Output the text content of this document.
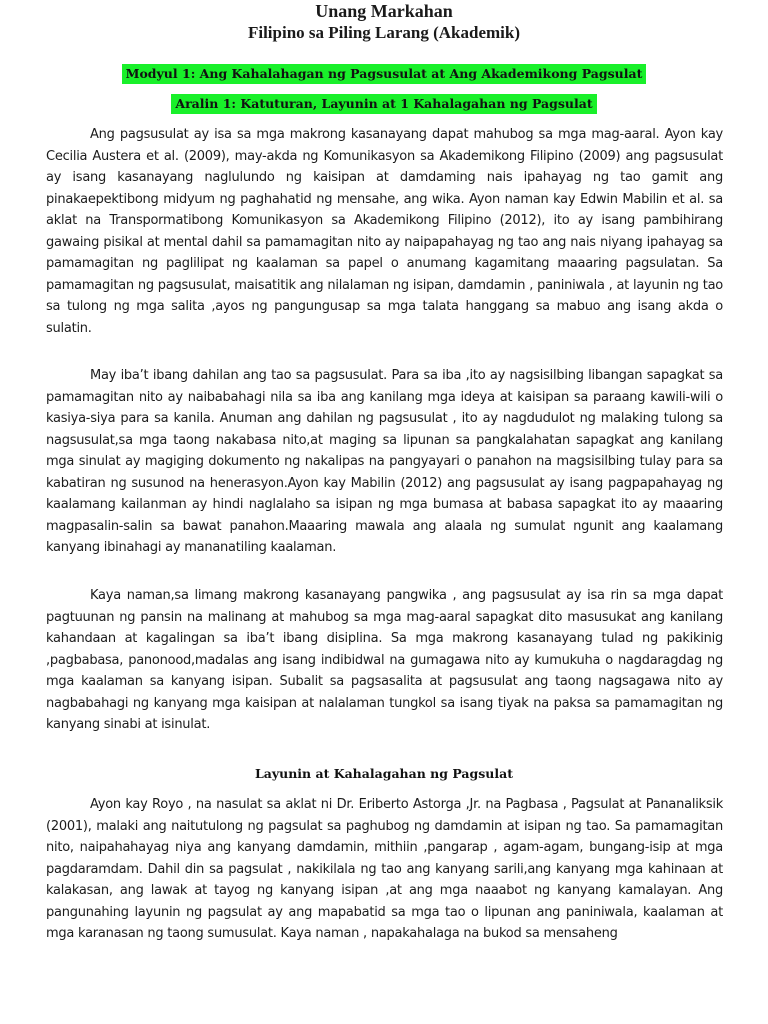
Unang Markahan
Filipino sa Piling Larang (Akademik)
Modyul 1: Ang Kahalahagan ng Pagsusulat at Ang Akademikong Pagsulat
Aralin 1: Katuturan, Layunin at 1 Kahalagahan ng Pagsulat

Ang pagsusulat ay isa sa mga makrong kasanayang dapat mahubog sa mga mag-aaral. Ayon kay Cecilia Austera et al. (2009), may-akda ng Komunikasyon sa Akademikong Filipino (2009) ang pagsusulat ay isang kasanayang naglulundo ng kaisipan at damdaming nais ipahayag ng tao gamit ang pinakaepektibong midyum ng paghahatid ng mensahe, ang wika. Ayon naman kay Edwin Mabilin et al. sa aklat na Transpormatibong Komunikasyon sa Akademikong Filipino (2012), ito ay isang pambihirang gawaing pisikal at mental dahil sa pamamagitan nito ay naipapahayag ng tao ang nais niyang ipahayag sa pamamagitan ng paglilipat ng kaalaman sa papel o anumang kagamitang maaaring pagsulatan. Sa pamamagitan ng pagsusulat, maisatitik ang nilalaman ng isipan, damdamin , paniniwala , at layunin ng tao sa tulong ng mga salita ,ayos ng pangungusap sa mga talata hanggang sa mabuo ang isang akda o sulatin.

May iba’t ibang dahilan ang tao sa pagsusulat. Para sa iba ,ito ay nagsisilbing libangan sapagkat sa pamamagitan nito ay naibabahagi nila sa iba ang kanilang mga ideya at kaisipan sa paraang kawili-wili o kasiya-siya para sa kanila. Anuman ang dahilan ng pagsusulat , ito ay nagdudulot ng malaking tulong sa nagsusulat,sa mga taong nakabasa nito,at maging sa lipunan sa pangkalahatan sapagkat ang kanilang mga sinulat ay magiging dokumento ng nakalipas na pangyayari o panahon na magsisilbing tulay para sa kabatiran ng susunod na henerasyon.Ayon kay Mabilin (2012) ang pagsusulat ay isang pagpapahayag ng kaalamang kailanman ay hindi naglalaho sa isipan ng mga bumasa at babasa sapagkat ito ay maaaring magpasalin-salin sa bawat panahon.Maaaring mawala ang alaala ng sumulat ngunit ang kaalamang kanyang ibinahagi ay mananatiling kaalaman.

Kaya naman,sa limang makrong kasanayang pangwika , ang pagsusulat ay isa rin sa mga dapat pagtuunan ng pansin na malinang at mahubog sa mga mag-aaral sapagkat dito masusukat ang kanilang kahandaan at kagalingan sa iba’t ibang disiplina. Sa mga makrong kasanayang tulad ng pakikinig ,pagbabasa, panonood,madalas ang isang indibidwal na gumagawa nito ay kumukuha o nagdaragdag ng mga kaalaman sa kanyang isipan. Subalit sa pagsasalita at pagsusulat ang taong nagsagawa nito ay nagbabahagi ng kanyang mga kaisipan at nalalaman tungkol sa isang tiyak na paksa sa pamamagitan ng kanyang sinabi at isinulat.

Layunin at Kahalagahan ng Pagsulat

Ayon kay Royo , na nasulat sa aklat ni Dr. Eriberto Astorga ,Jr. na Pagbasa , Pagsulat at Pananaliksik (2001), malaki ang naitutulong ng pagsulat sa paghubog ng damdamin at isipan ng tao. Sa pamamagitan nito, naipahahayag niya ang kanyang damdamin, mithiin ,pangarap , agam-agam, bungang-isip at mga pagdaramdam. Dahil din sa pagsulat , nakikilala ng tao ang kanyang sarili,ang kanyang mga kahinaan at kalakasan, ang lawak at tayog ng kanyang isipan ,at ang mga naaabot ng kanyang kamalayan. Ang pangunahing layunin ng pagsulat ay ang mapabatid sa mga tao o lipunan ang paniniwala, kaalaman at mga karanasan ng taong sumusulat. Kaya naman , napakahalaga na bukod sa mensaheng
